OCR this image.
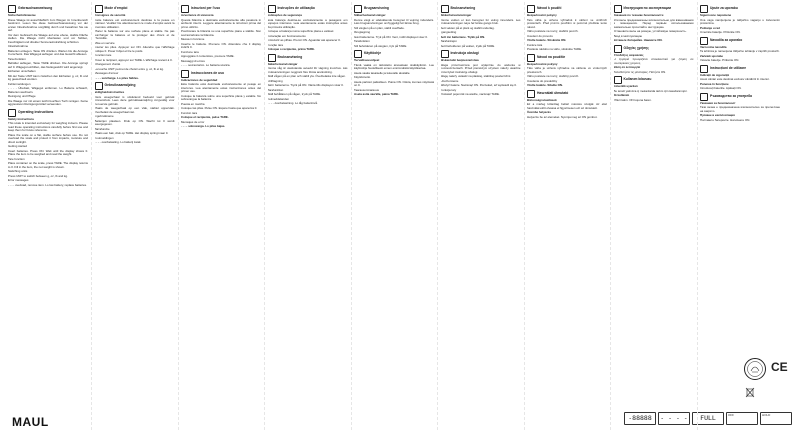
Gebrauchsanweisung

Sicherheitshinweise

Diese Waage ist ausschließlich zum Wiegen im Innenbereich bestimmt. Lesen Sie diese Gebrauchsanweisung vor der ersten Inbetriebnahme sorgfältig durch und bewahren Sie sie auf.

Vor dem Gebrauch die Waage auf eine ebene, stabile Fläche stellen. Die Waage nicht überlasten und vor Stößen, Feuchtigkeit und direkter Sonneneinstrahlung schützen.

Inbetriebnahme

Batterien einlegen. Taste ON drücken. Warten bis die Anzeige 0 erscheint. Das Wägegut auflegen und das Gewicht ablesen.

Tara-Funktion

Behälter auflegen, Taste TARE drücken. Die Anzeige springt auf 0. Wägegut einfüllen, das Nettogewicht wird angezeigt.

Einheiten umschalten

Mit der Taste UNIT kann zwischen den Einheiten g, oz, lb und kg gewechselt werden.

Fehlermeldungen

- - - - Überlast, Wägegut entfernen. Lo Batterie schwach, Batterien wechseln.

Reinigung und Pflege

Die Waage nur mit einem leicht feuchten Tuch reinigen. Keine aggressiven Reinigungsmittel verwenden.

Operating instructions

Safety instructions

This scale is intended exclusively for weighing indoors. Please read these operating instructions carefully before first use and keep them for future reference.

Place the scale on a flat, stable surface before use. Do not overload the scale and protect it from impacts, moisture and direct sunlight.

Getting started

Insert batteries. Press ON. Wait until the display shows 0. Place the item to be weighed and read the weight.

Tare function

Place container on the scale, press TARE. The display returns to 0. Fill in the item, the net weight is shown.

Switching units

Press UNIT to switch between g, oz, lb and kg.

Error messages

- - - - overload, remove item. Lo low battery, replace batteries.

Mode d'emploi

Consignes de sécurité

Cette balance est exclusivement destinée à la pesée en intérieur. Veuillez lire attentivement ce mode d'emploi avant la première utilisation.

Placer la balance sur une surface plane et stable. Ne pas surcharger la balance et la protéger des chocs et de l'humidité.

Mise en service

Insérer les piles. Appuyer sur ON. Attendre que l'affichage indique 0. Poser l'objet et lire le poids.

Fonction tare

Poser le récipient, appuyer sur TARE. L'affichage revient à 0.

Changement d'unité

La touche UNIT permet de choisir entre g, oz, lb et kg.

Messages d'erreur

- - - - surcharge. Lo piles faibles.

Gebruiksaanwijzing

Veiligheidsinstructies

Deze weegschaal is uitsluitend bedoeld voor gebruik binnenshuis. Lees deze gebruiksaanwijzing zorgvuldig voor het eerste gebruik.

Plaats de weegschaal op een vlak, stabiel oppervlak. Overbelast de weegschaal niet.

Ingebruikname

Batterijen plaatsen. Druk op ON. Wacht tot 0 wordt weergegeven.

Tarrafunctie

Plaats een bak, druk op TARE. Het display springt naar 0.

Foutmeldingen

- - - - overbelasting. Lo batterij zwak.

Istruzioni per l'uso

Avvertenze di sicurezza

Questa bilancia è destinata esclusivamente alla pesatura in ambienti interni. Leggere attentamente le istruzioni prima del primo utilizzo.

Posizionare la bilancia su una superficie piana e stabile. Non sovraccaricare la bilancia.

Messa in funzione

Inserire le batterie. Premere ON. Attendere che il display indichi 0.

Funzione tara

Appoggiare il contenitore, premere TARE.

Messaggi di errore

- - - - sovraccarico. Lo batteria scarica.

Instrucciones de uso

Indicaciones de seguridad

Esta balanza está destinada exclusivamente al pesaje en interiores. Lea atentamente estas instrucciones antes del primer uso.

Coloque la balanza sobre una superficie plana y estable. No sobrecargue la balanza.

Puesta en marcha

Coloque las pilas. Pulse ON. Espere hasta que aparezca 0.

Función tara

Coloque el recipiente, pulse TARE.

Mensajes de error

- - - - sobrecarga. Lo pilas bajas.

Instruções de utilização

Indicações de segurança

Esta balança destina-se exclusivamente a pesagens em espaços interiores. Leia atentamente estas instruções antes da primeira utilização.

Coloque a balança numa superfície plana e estável.

Colocação em funcionamento

Introduzir as pilhas. Premir ON. Aguardar até aparecer 0.

Função tara

Coloque o recipiente, prima TARE.

Bruksanvisning

Säkerhetsanvisningar

Denna våg är uteslutande avsedd för vägning inomhus. Läs bruksanvisningen noggrant före första användning.

Ställ vågen på en plan och stabil yta. Överbelasta inte vågen.

Idrifttagning

Sätt i batterierna. Tryck på ON. Vänta tills displayen visar 0.

Tarafunktion

Ställ behållaren på vågen, tryck på TARE.

Felmeddelanden

- - - - överbelastning. Lo låg batterinivå.

Brugsanvisning

Sikkerhedsanvisninger

Denne vægt er udelukkende beregnet til vejning indendørs. Læs brugsanvisningen omhyggeligt før første brug.

Stil vægten på en plan, stabil overflade.

Ibrugtagning

Isæt batterierne. Tryk på ON. Vent, indtil displayet viser 0.

Tarafunktion

Stil beholderen på vægten, tryk på TARE.

Käyttöohje

Turvallisuusohjeet

Tämä vaaka on tarkoitettu ainoastaan sisäkäyttöön. Lue käyttöohje huolellisesti ennen ensimmäistä käyttökertaa.

Aseta vaaka tasaiselle ja tukevalle alustalle.

Käyttöönotto

Aseta paristot paikoilleen. Paina ON. Odota, kunnes näytössä on 0.

Taarausominaisuus

Aseta astia vaa'alle, paina TARE.

Bruksanvisning

Sikkerhetsanvisninger

Denne vekten er kun beregnet for veiing innendørs. Les bruksanvisningen nøye før første gangs bruk.

Sett vekten på et plant og stabilt underlag.

Igangsetting

Sett inn batteriene. Trykk på ON.

Tarafunksjon

Sett beholderen på vekten, trykk på TARE.

Instrukcja obsługi

Wskazówki bezpieczeństwa

Waga przeznaczona jest wyłącznie do ważenia w pomieszczeniach. Przed pierwszym użyciem należy uważnie przeczytać instrukcję obsługi.

Wagę należy ustawić na płaskiej, stabilnej powierzchni.

Uruchomienie

Włożyć baterie. Nacisnąć ON. Poczekać, aż wyświetli się 0.

Funkcja tary

Postawić pojemnik na wadze, nacisnąć TARE.

Návod k použití

Bezpečnostní pokyny

Tato váha je určena výhradně k vážení ve vnitřních prostorách. Před prvním použitím si pozorně přečtěte tento návod.

Váhu postavte na rovný, stabilní povrch.

Uvedení do provozu

Vložte baterie. Stiskněte ON.

Funkce tára

Postavte nádobu na váhu, stiskněte TARE.

Návod na použitie

Bezpečnostné pokyny

Táto váha je určená výhradne na váženie vo vnútorných priestoroch.

Váhu postavte na rovný, stabilný povrch.

Uvedenie do prevádzky

Vložte batérie. Stlačte ON.

Használati útmutató

Biztonsági utasítások

Ez a mérleg kizárólag beltéri mérésre szolgál. Az első használat előtt olvassa el figyelmesen ezt az útmutatót.

Üzembe helyezés

Helyezze be az elemeket. Nyomja meg az ON gombot.

Инструкция по эксплуатации

Указания по технике безопасности

Эти весы предназначены исключительно для взвешивания в помещениях. Перед первым использованием внимательно прочитайте инструкцию.

Установите весы на ровную, устойчивую поверхность.

Ввод в эксплуатацию

Вставьте батарейки. Нажмите ON.

Οδηγίες χρήσης

Υποδείξεις ασφαλείας

Η ζυγαριά προορίζεται αποκλειστικά για ζύγιση σε εσωτερικούς χώρους.

Θέση σε λειτουργία

Τοποθετήστε τις μπαταρίες. Πατήστε ON.

Kullanım kılavuzu

Güvenlik uyarıları

Bu terazi yalnızca iç mekanlarda tartım için tasarlanmıştır.

İlk kullanım

Pilleri takın. ON tuşuna basın.

Upute za uporabu

Sigurnosne napomene

Ova vaga namijenjena je isključivo vaganju u zatvorenim prostorima.

Puštanje u rad

Umetnite baterije. Pritisnite ON.

Navodila za uporabo

Varnostna navodila

Ta tehtnica je namenjena izključno tehtanju v zaprtih prostorih.

Začetek uporabe

Vstavite baterije. Pritisnite ON.

Instrucțiuni de utilizare

Indicații de siguranță

Acest cântar este destinat exclusiv cântăririi în interior.

Punerea în funcțiune

Introduceți bateriile. Apăsați ON.

Ръководство за употреба

Указания за безопасност

Тази везна е предназначена изключително за претегляне на закрито.

Пускане в експлоатация

Поставете батериите. Натиснете ON.

MAUL
CE
-88888	- - - -	FULL	OFF	HOLD
